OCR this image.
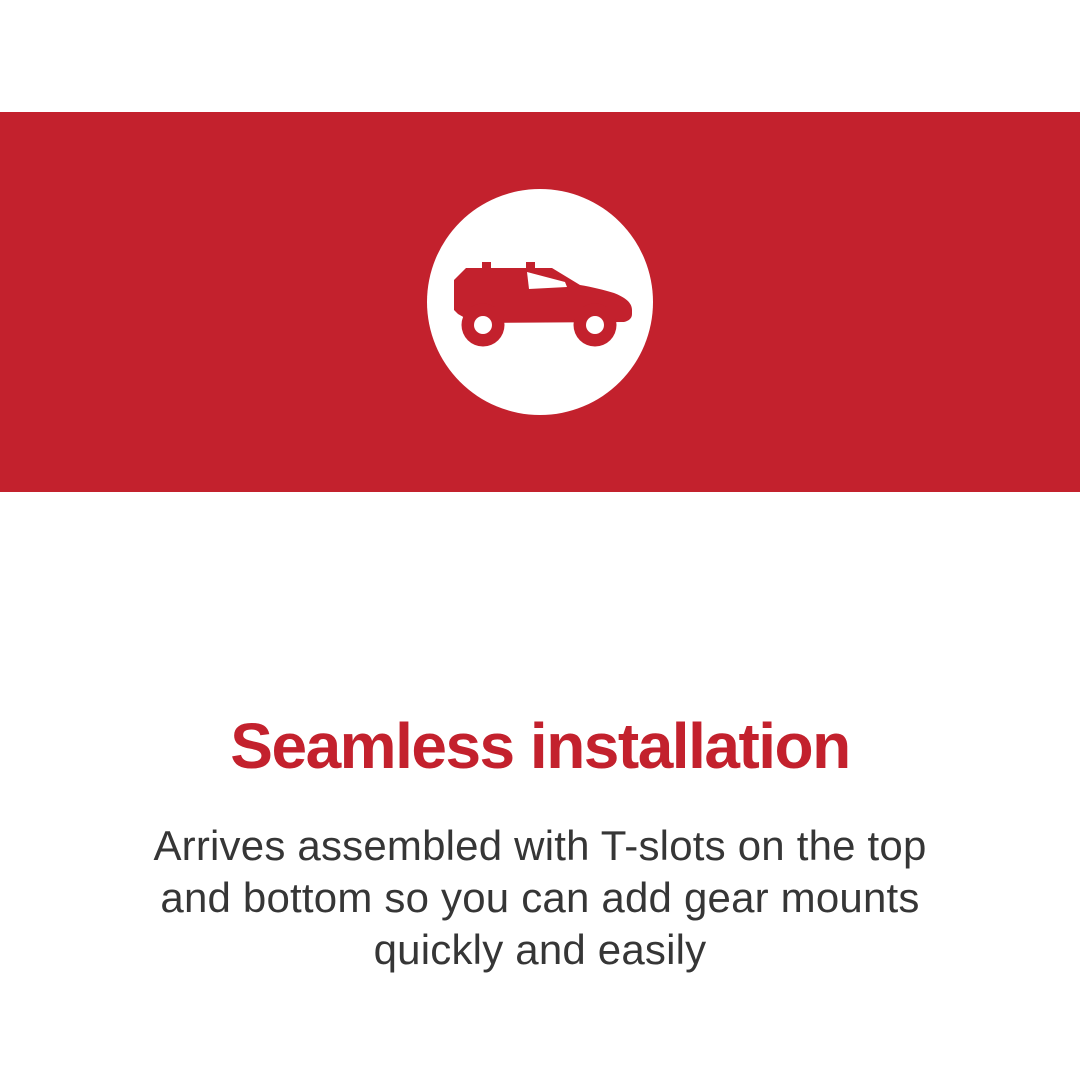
Seamless installation

Arrives assembled with T-slots on the top
and bottom so you can add gear mounts
quickly and easily
